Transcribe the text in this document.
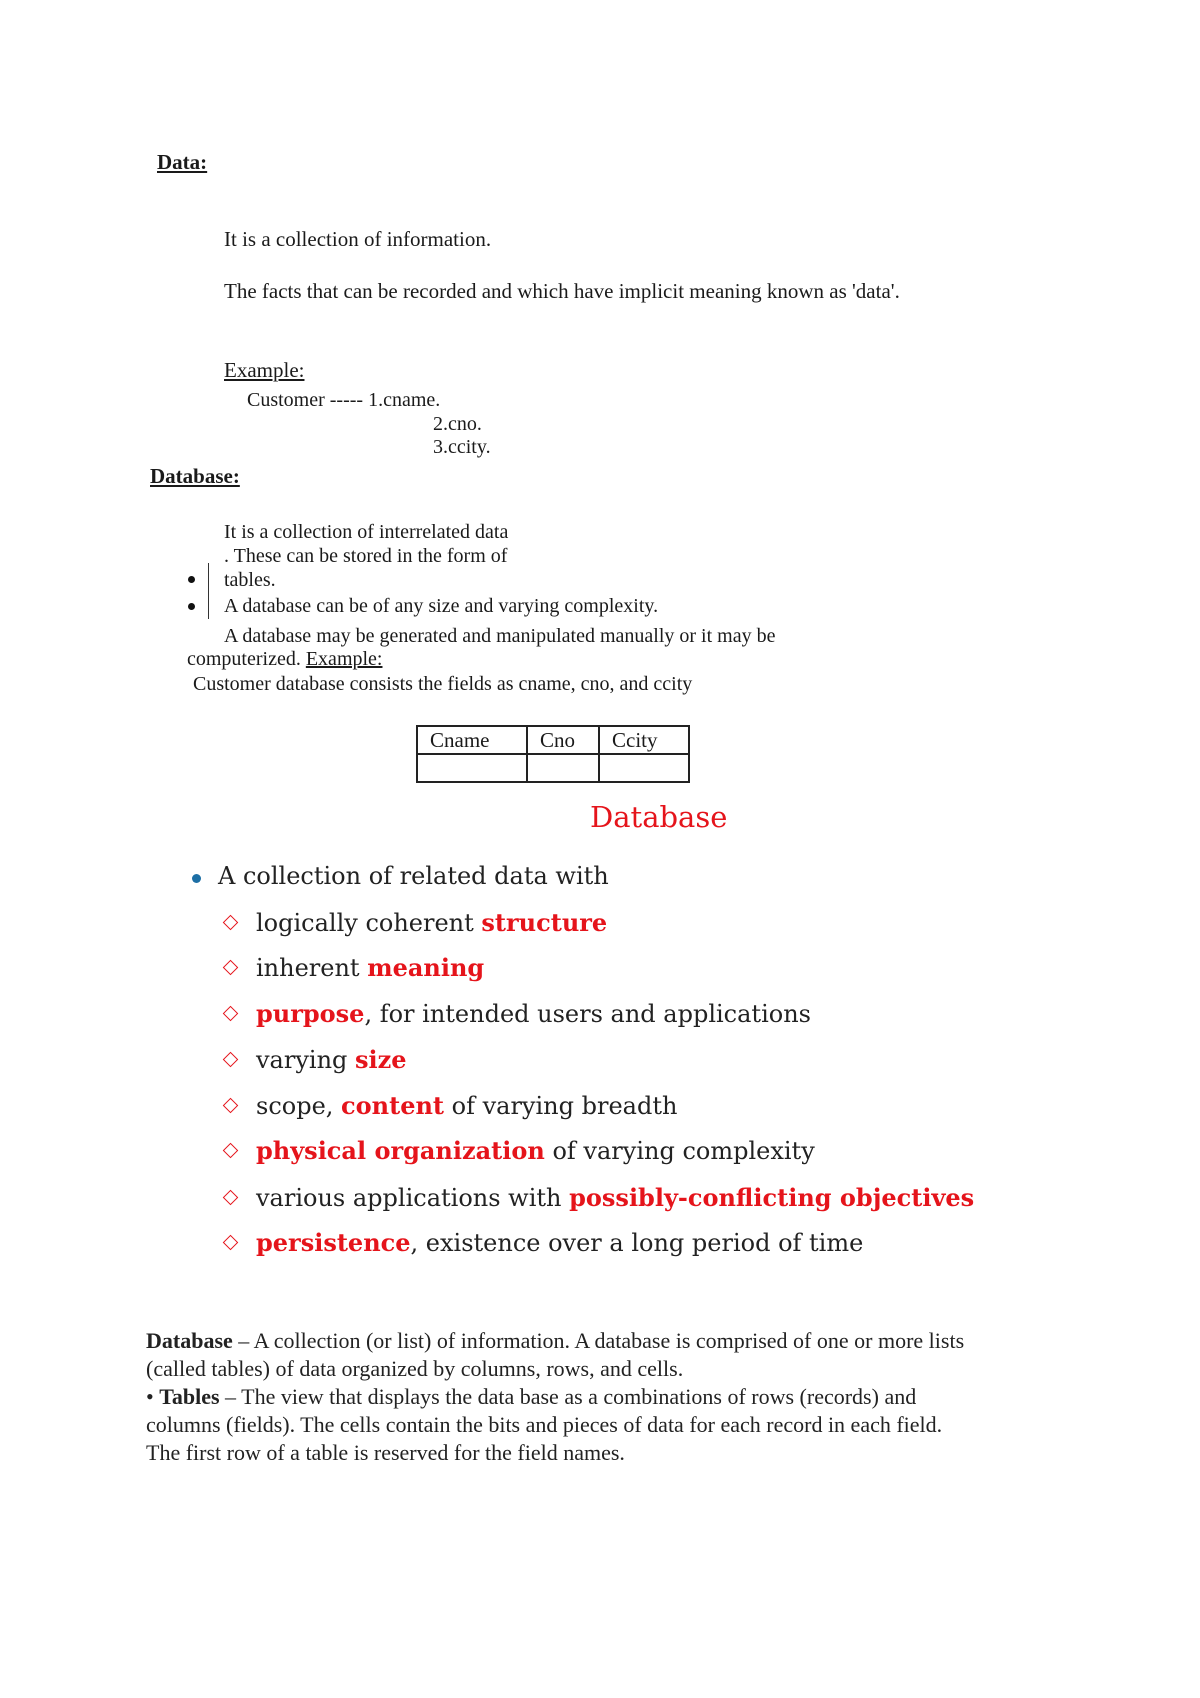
Data:
It is a collection of information.
The facts that can be recorded and which have implicit meaning known as 'data'.
Example:
Customer ----- 1.cname.
2.cno.
3.ccity.
Database:
It is a collection of interrelated data
. These can be stored in the form of
tables.
A database can be of any size and varying complexity.
A database may be generated and manipulated manually or it may be
computerized. Example:
Customer database consists the fields as cname, cno, and ccity
Cname	Cno	Ccity

Database
A collection of related data with
logically coherent structure
inherent meaning
purpose, for intended users and applications
varying size
scope, content of varying breadth
physical organization of varying complexity
various applications with possibly-conflicting objectives
persistence, existence over a long period of time
Database – A collection (or list) of information. A database is comprised of one or more lists
(called tables) of data organized by columns, rows, and cells.
• Tables – The view that displays the data base as a combinations of rows (records) and
columns (fields). The cells contain the bits and pieces of data for each record in each field.
The first row of a table is reserved for the field names.
